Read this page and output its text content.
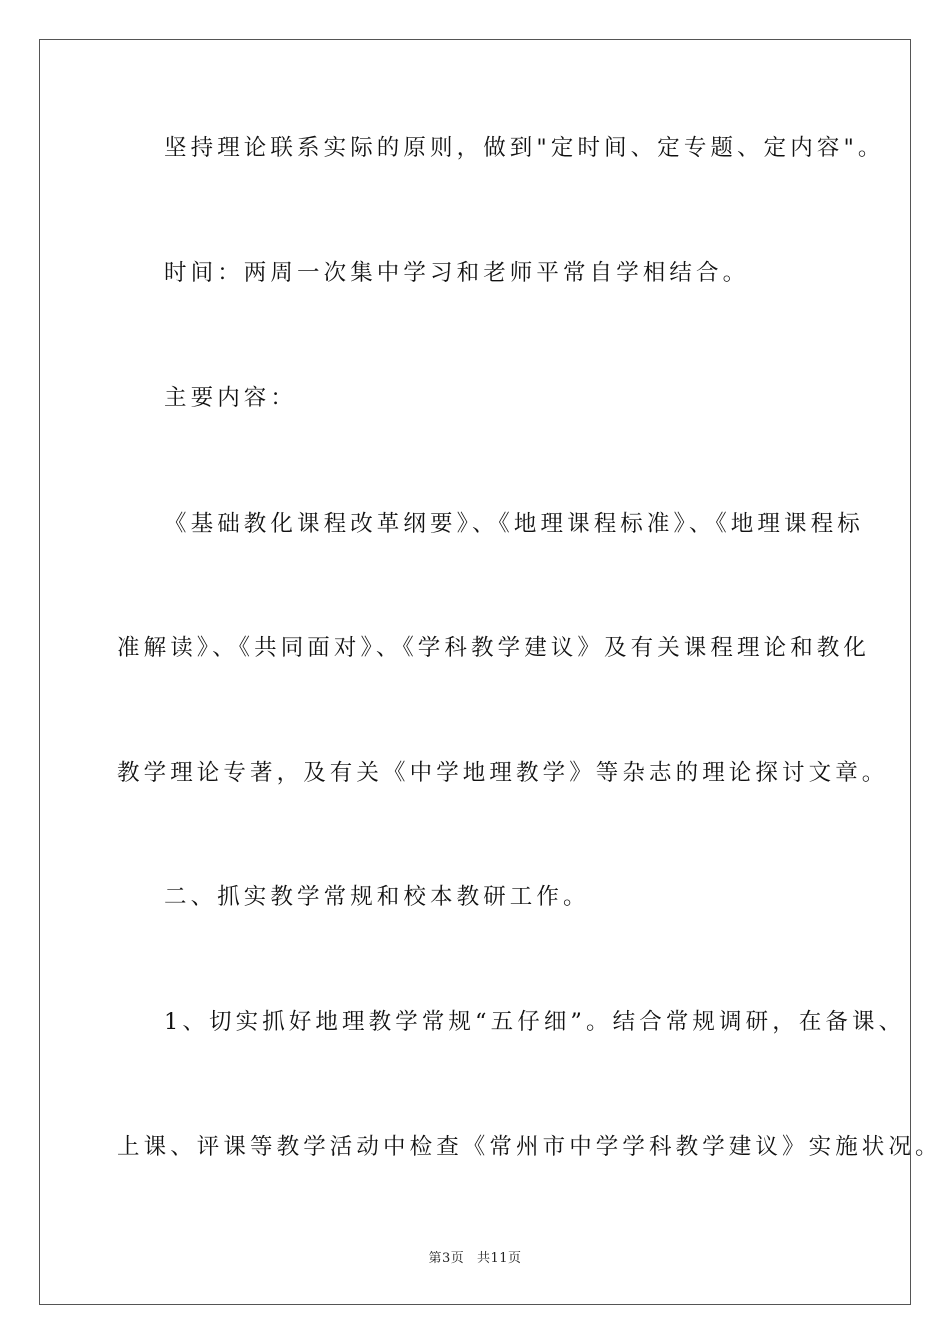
坚持理论联系实际的原则，做到"定时间、定专题、定内容"。
时间：两周一次集中学习和老师平常自学相结合。
主要内容：
《基础教化课程改革纲要》、《地理课程标准》、《地理课程标
准解读》、《共同面对》、《学科教学建议》及有关课程理论和教化
教学理论专著，及有关《中学地理教学》等杂志的理论探讨文章。
二、抓实教学常规和校本教研工作。
1、切实抓好地理教学常规“五仔细”。结合常规调研，在备课、
上课、评课等教学活动中检查《常州市中学学科教学建议》实施状况。
第3页 共11页
